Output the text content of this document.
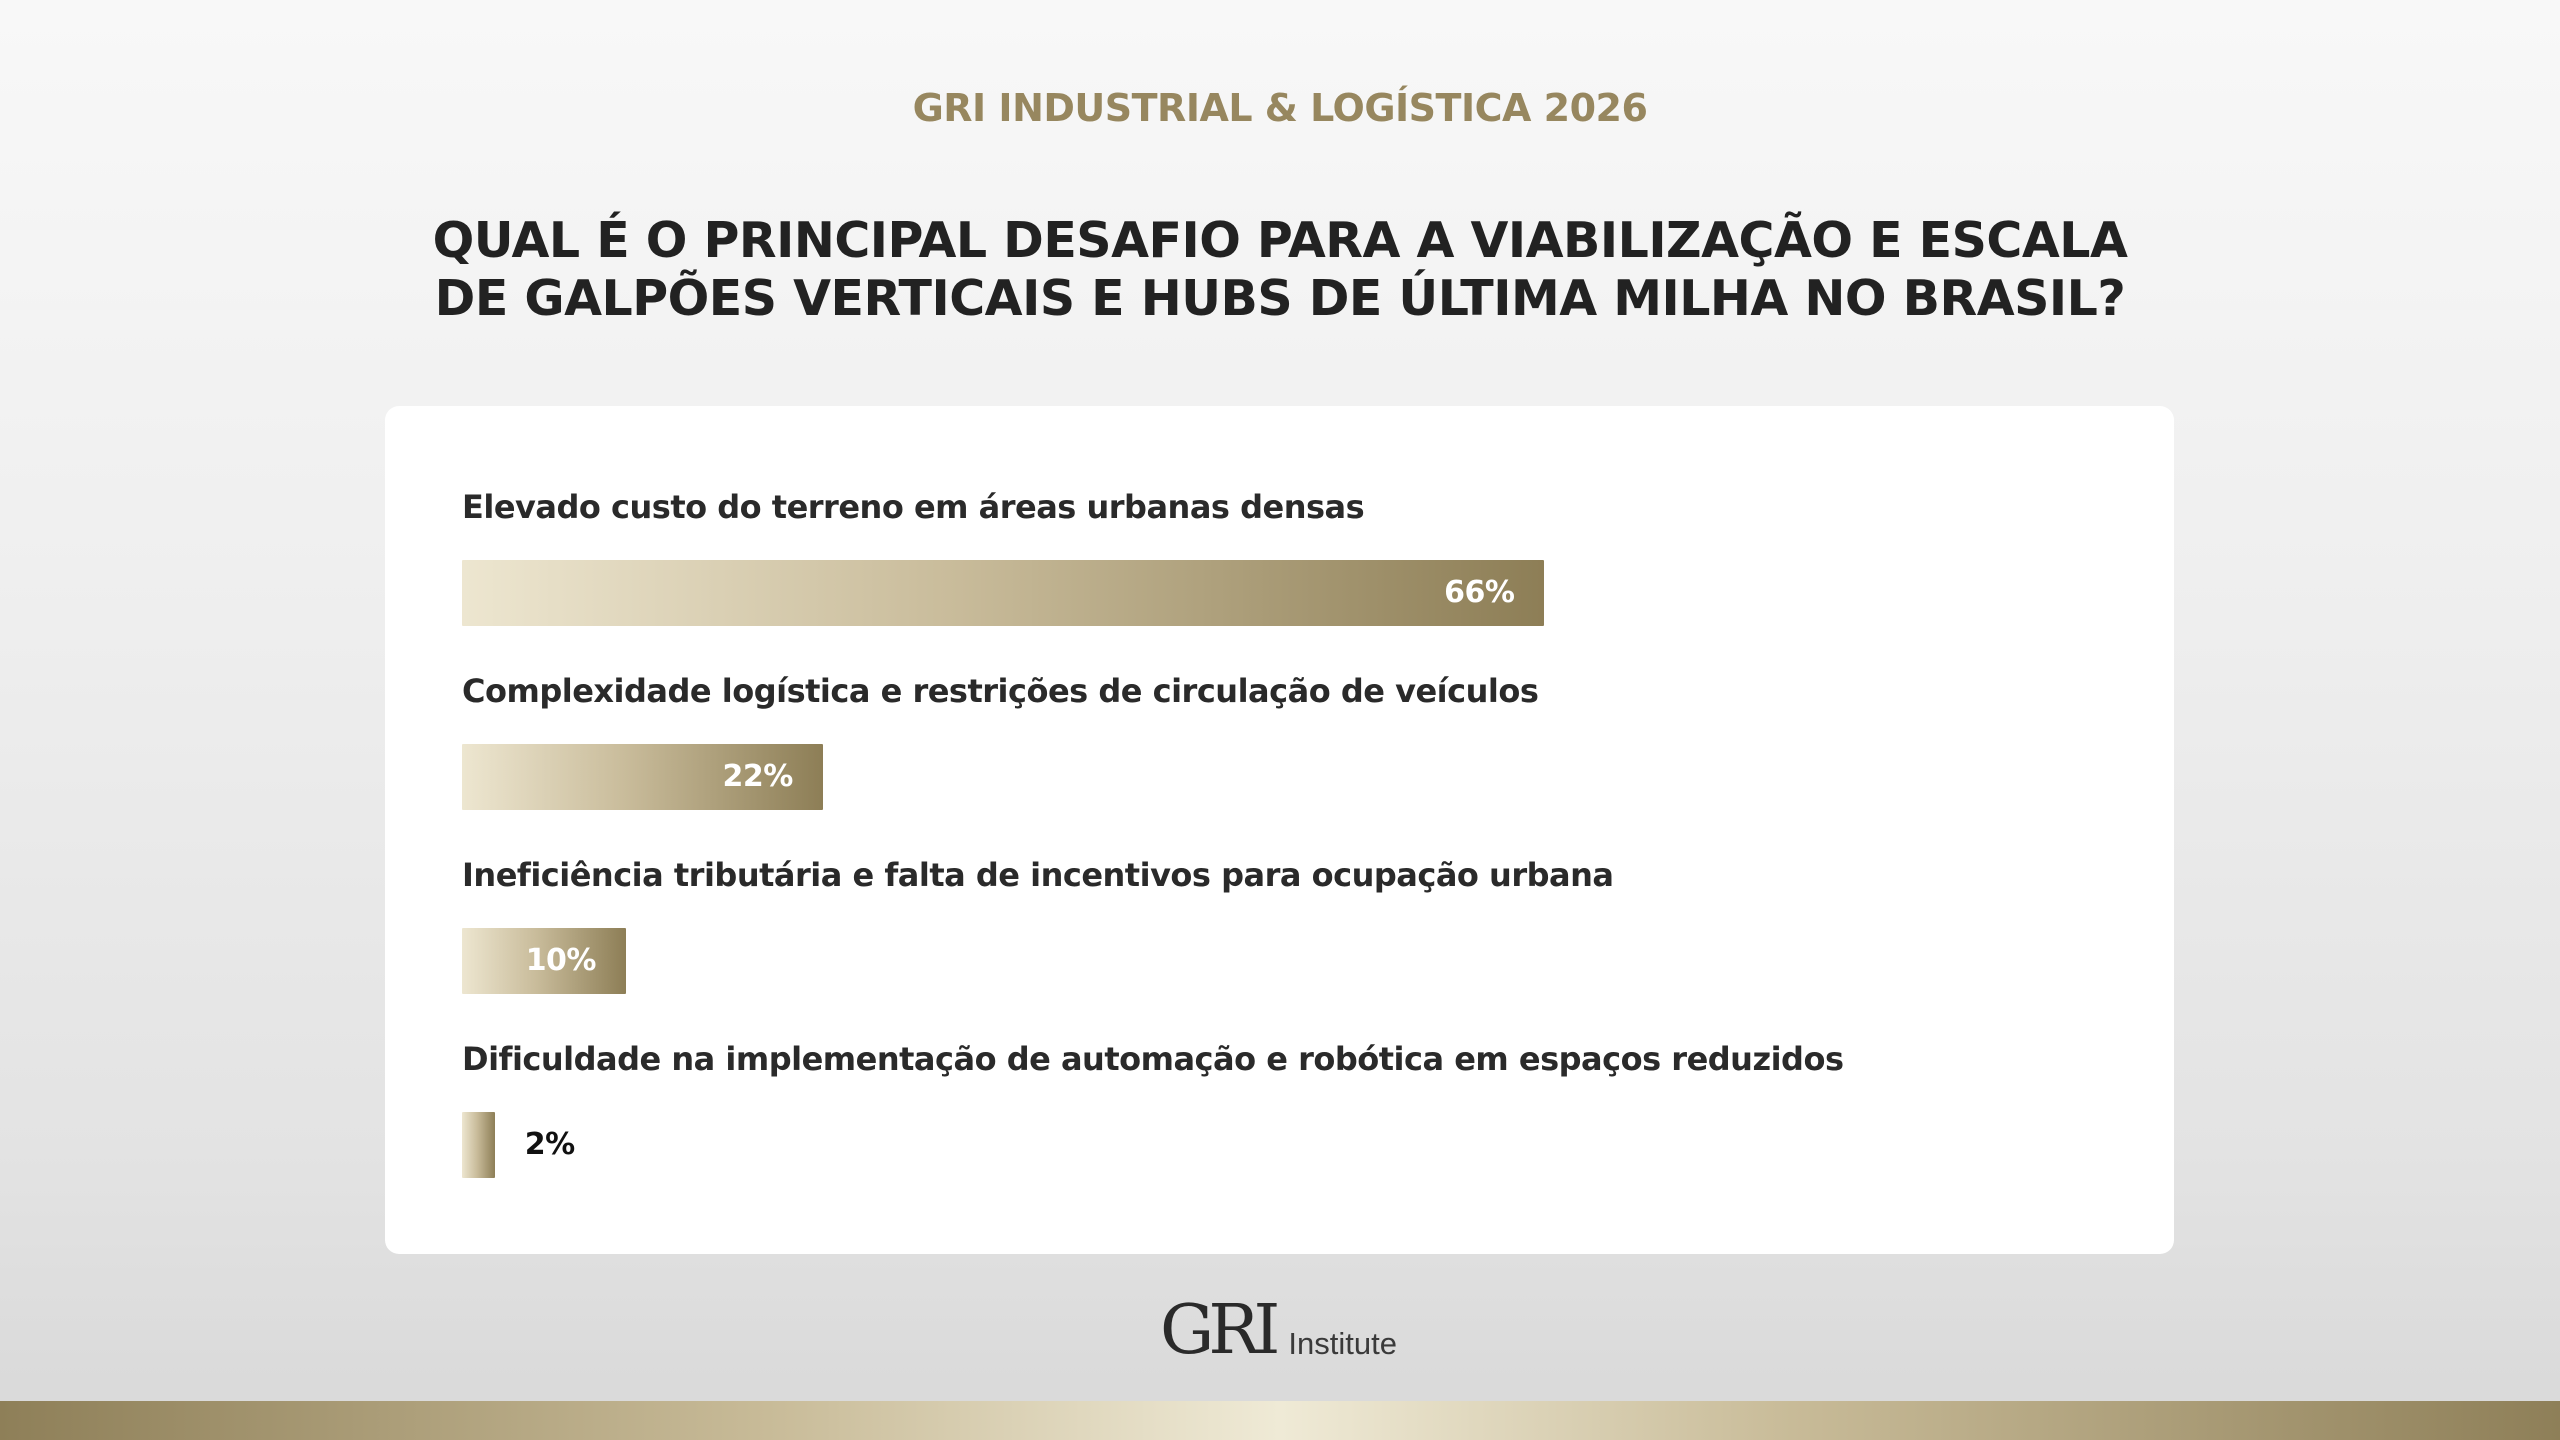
GRI INDUSTRIAL & LOGÍSTICA 2026
QUAL É O PRINCIPAL DESAFIO PARA A VIABILIZAÇÃO E ESCALA
DE GALPÕES VERTICAIS E HUBS DE ÚLTIMA MILHA NO BRASIL?
Elevado custo do terreno em áreas urbanas densas
66%
Complexidade logística e restrições de circulação de veículos
22%
Ineficiência tributária e falta de incentivos para ocupação urbana
10%
Dificuldade na implementação de automação e robótica em espaços reduzidos
2%
GRI Institute
